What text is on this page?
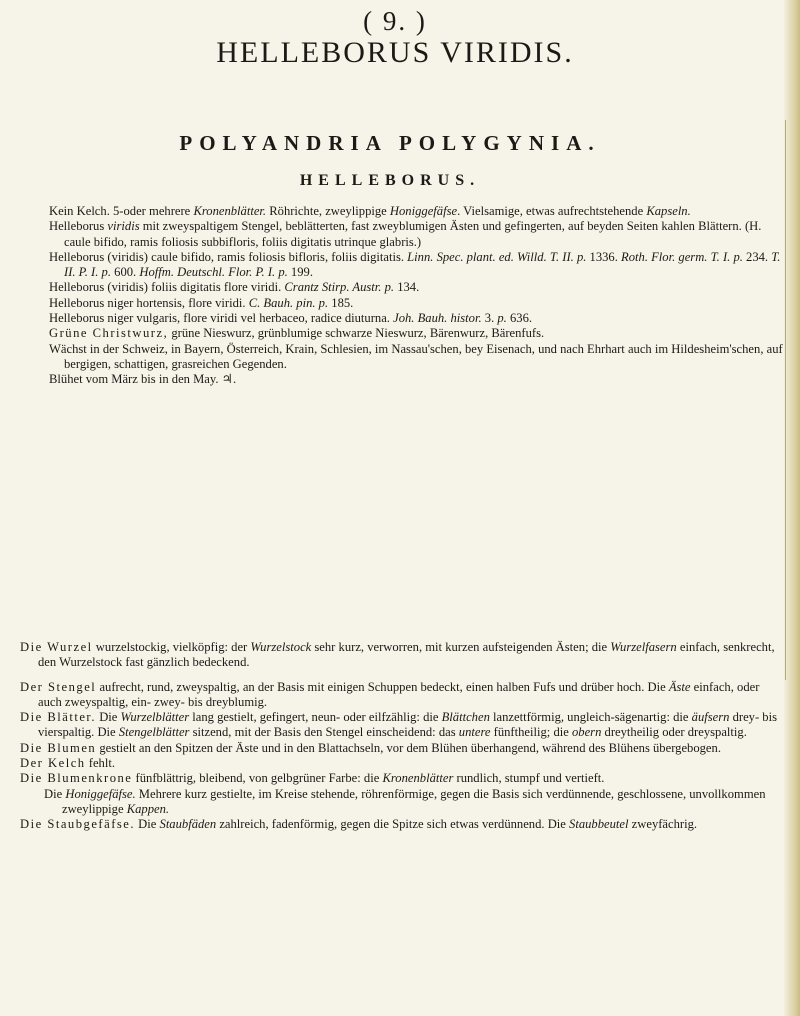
( 9. )
HELLEBORUS VIRIDIS.
POLYANDRIA POLYGYNIA.
HELLEBORUS.

Kein Kelch. 5-oder mehrere Kronenblätter. Röhrichte, zweylippige Honiggefäfse. Vielsamige, etwas aufrechtstehende Kapseln.

Helleborus viridis mit zweyspaltigem Stengel, beblätterten, fast zweyblumigen Ästen und gefingerten, auf beyden Seiten kahlen Blättern. (H. caule bifido, ramis foliosis subbifloris, foliis digitatis utrinque glabris.)

Helleborus (viridis) caule bifido, ramis foliosis bifloris, foliis digitatis. Linn. Spec. plant. ed. Willd. T. II. p. 1336. Roth. Flor. germ. T. I. p. 234. T. II. P. I. p. 600. Hoffm. Deutschl. Flor. P. I. p. 199.

Helleborus (viridis) foliis digitatis flore viridi. Crantz Stirp. Austr. p. 134.

Helleborus niger hortensis, flore viridi. C. Bauh. pin. p. 185.

Helleborus niger vulgaris, flore viridi vel herbaceo, radice diuturna. Joh. Bauh. histor. 3. p. 636.

Grüne Christwurz, grüne Nieswurz, grünblumige schwarze Nieswurz, Bärenwurz, Bärenfufs.

Wächst in der Schweiz, in Bayern, Österreich, Krain, Schlesien, im Nassau'schen, bey Eisenach, und nach Ehrhart auch im Hildesheim'schen, auf bergigen, schattigen, grasreichen Gegenden.

Blühet vom März bis in den May. ♃.

Die Wurzel wurzelstockig, vielköpfig: der Wurzelstock sehr kurz, verworren, mit kurzen aufsteigenden Ästen; die Wurzelfasern einfach, senkrecht, den Wurzelstock fast gänzlich bedeckend.

Der Stengel aufrecht, rund, zweyspaltig, an der Basis mit einigen Schuppen bedeckt, einen halben Fufs und drüber hoch. Die Äste einfach, oder auch zweyspaltig, ein- zwey- bis dreyblumig.

Die Blätter. Die Wurzelblätter lang gestielt, gefingert, neun- oder eilfzählig: die Blättchen lanzettförmig, ungleich-sägenartig: die äufsern drey- bis vierspaltig. Die Stengelblätter sitzend, mit der Basis den Stengel einscheidend: das untere fünftheilig; die obern dreytheilig oder dreyspaltig.

Die Blumen gestielt an den Spitzen der Äste und in den Blattachseln, vor dem Blühen überhangend, während des Blühens übergebogen.

Der Kelch fehlt.

Die Blumenkrone fünfblättrig, bleibend, von gelbgrüner Farbe: die Kronenblätter rundlich, stumpf und vertieft.

Die Honiggefäfse. Mehrere kurz gestielte, im Kreise stehende, röhrenförmige, gegen die Basis sich verdünnende, geschlossene, unvollkommen zweylippige Kappen.

Die Staubgefäfse. Die Staubfäden zahlreich, fadenförmig, gegen die Spitze sich etwas verdünnend. Die Staubbeutel zweyfächrig.
